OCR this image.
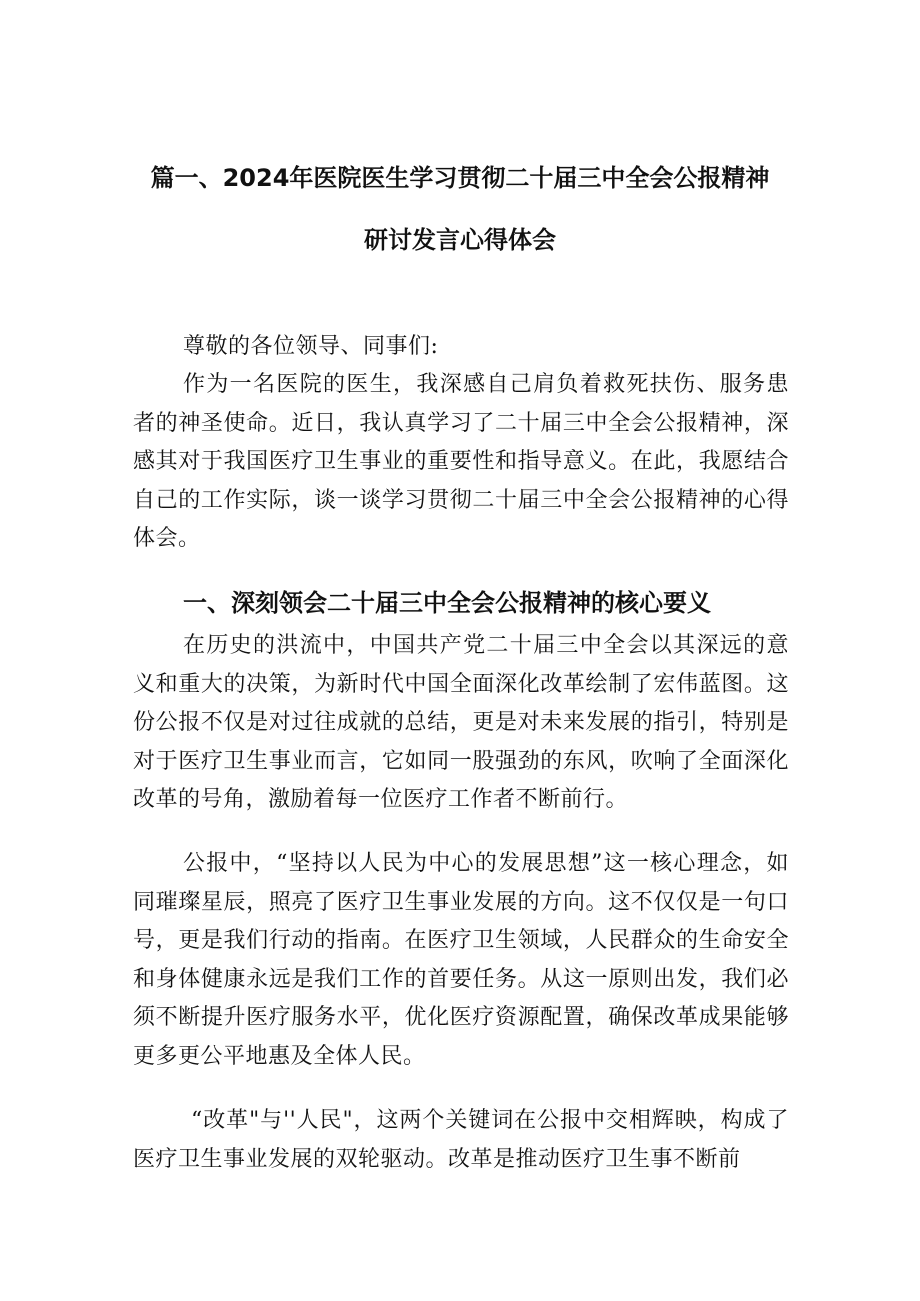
篇一、2024年医院医生学习贯彻二十届三中全会公报精神
研讨发言心得体会
尊敬的各位领导、同事们:
作为一名医院的医生，我深感自己肩负着救死扶伤、服务患者的神圣使命。近日，我认真学习了二十届三中全会公报精神，深感其对于我国医疗卫生事业的重要性和指导意义。在此，我愿结合自己的工作实际，谈一谈学习贯彻二十届三中全会公报精神的心得体会。
一、深刻领会二十届三中全会公报精神的核心要义
在历史的洪流中，中国共产党二十届三中全会以其深远的意义和重大的决策，为新时代中国全面深化改革绘制了宏伟蓝图。这份公报不仅是对过往成就的总结，更是对未来发展的指引，特别是对于医疗卫生事业而言，它如同一股强劲的东风，吹响了全面深化改革的号角，激励着每一位医疗工作者不断前行。
公报中，“坚持以人民为中心的发展思想”这一核心理念，如同璀璨星辰，照亮了医疗卫生事业发展的方向。这不仅仅是一句口号，更是我们行动的指南。在医疗卫生领域，人民群众的生命安全和身体健康永远是我们工作的首要任务。从这一原则出发，我们必须不断提升医疗服务水平，优化医疗资源配置，确保改革成果能够更多更公平地惠及全体人民。
“改革"与''人民"，这两个关键词在公报中交相辉映，构成了医疗卫生事业发展的双轮驱动。改革是推动医疗卫生事不断前
